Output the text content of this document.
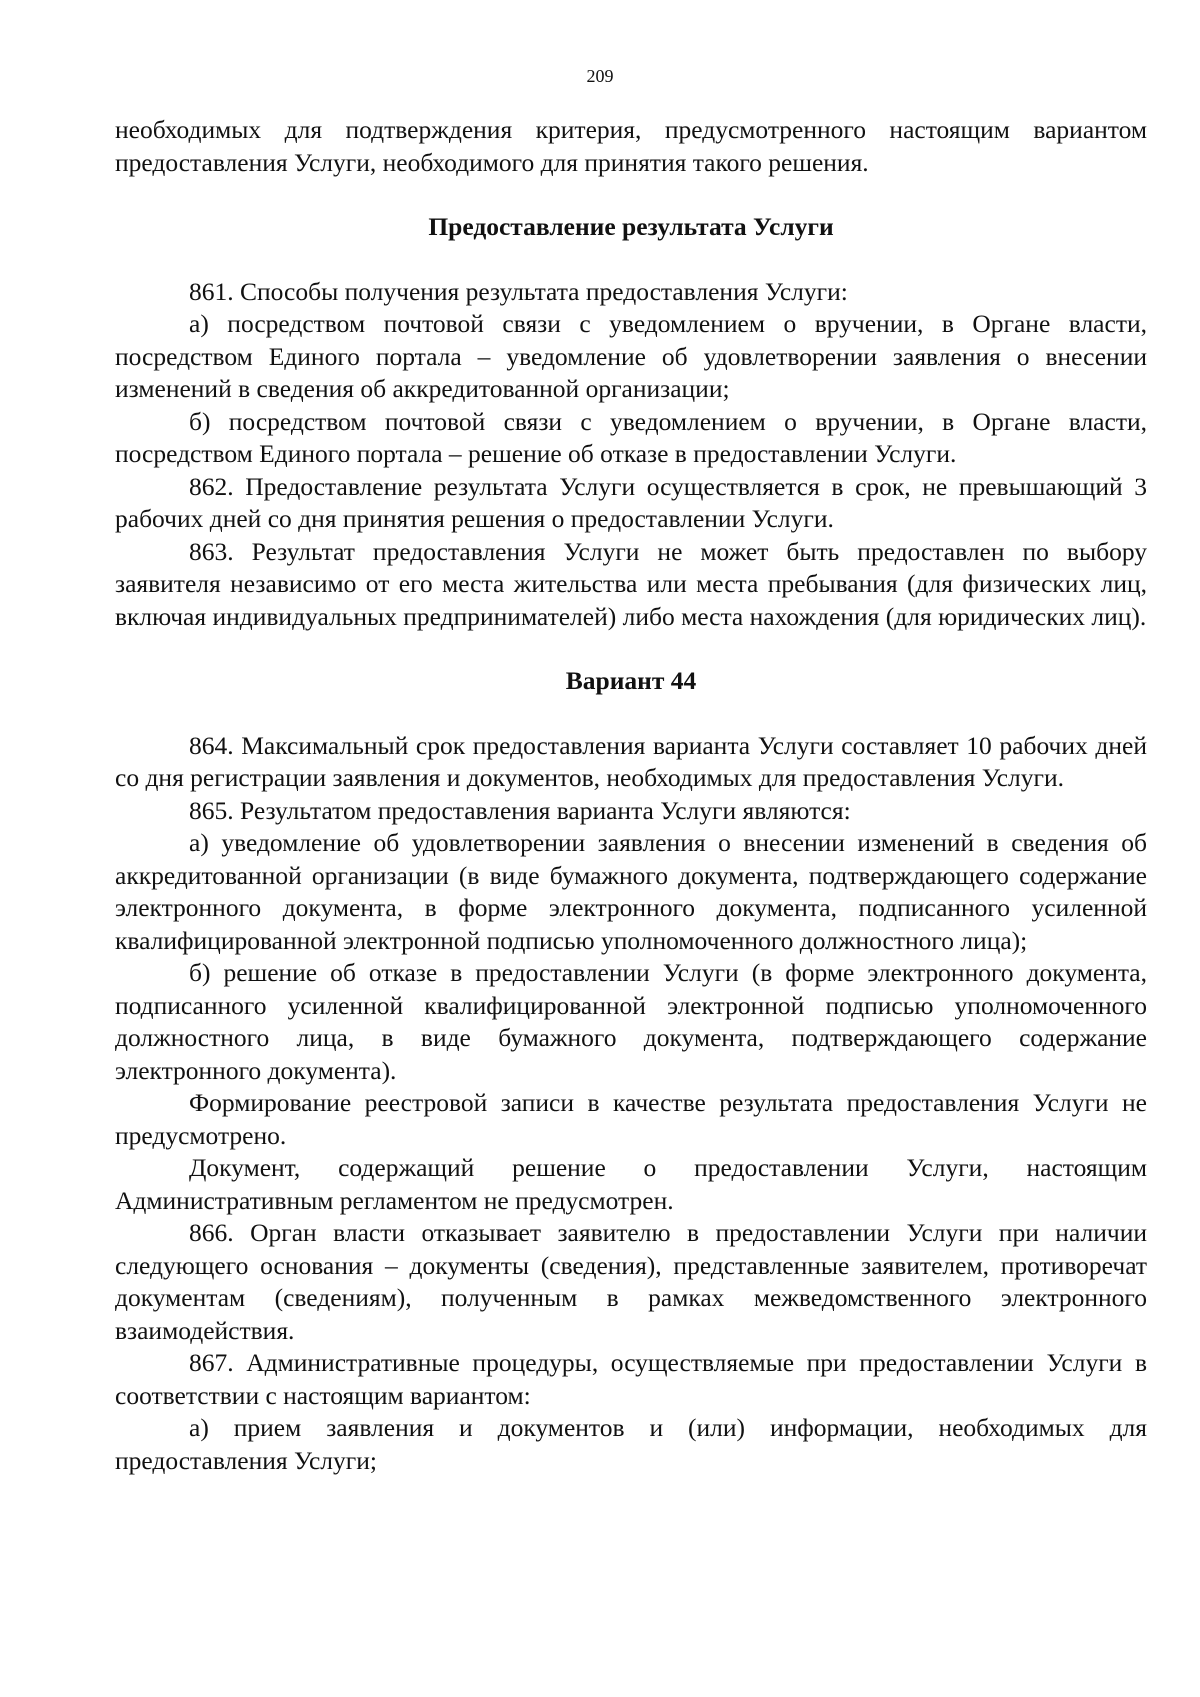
209

необходимых для подтверждения критерия, предусмотренного настоящим вариантом предоставления Услуги, необходимого для принятия такого решения.

Предоставление результата Услуги

861. Способы получения результата предоставления Услуги:

а) посредством почтовой связи с уведомлением о вручении, в Органе власти, посредством Единого портала – уведомление об удовлетворении заявления о внесении изменений в сведения об аккредитованной организации;

б) посредством почтовой связи с уведомлением о вручении, в Органе власти, посредством Единого портала – решение об отказе в предоставлении Услуги.

862. Предоставление результата Услуги осуществляется в срок, не превышающий 3 рабочих дней со дня принятия решения о предоставлении Услуги.

863. Результат предоставления Услуги не может быть предоставлен по выбору заявителя независимо от его места жительства или места пребывания (для физических лиц, включая индивидуальных предпринимателей) либо места нахождения (для юридических лиц).

Вариант 44

864. Максимальный срок предоставления варианта Услуги составляет 10 рабочих дней со дня регистрации заявления и документов, необходимых для предоставления Услуги.

865. Результатом предоставления варианта Услуги являются:

а) уведомление об удовлетворении заявления о внесении изменений в сведения об аккредитованной организации (в виде бумажного документа, подтверждающего содержание электронного документа, в форме электронного документа, подписанного усиленной квалифицированной электронной подписью уполномоченного должностного лица);

б) решение об отказе в предоставлении Услуги (в форме электронного документа, подписанного усиленной квалифицированной электронной подписью уполномоченного должностного лица, в виде бумажного документа, подтверждающего содержание электронного документа).

Формирование реестровой записи в качестве результата предоставления Услуги не предусмотрено.

Документ, содержащий решение о предоставлении Услуги, настоящим Административным регламентом не предусмотрен.

866. Орган власти отказывает заявителю в предоставлении Услуги при наличии следующего основания – документы (сведения), представленные заявителем, противоречат документам (сведениям), полученным в рамках межведомственного электронного взаимодействия.

867. Административные процедуры, осуществляемые при предоставлении Услуги в соответствии с настоящим вариантом:

а) прием заявления и документов и (или) информации, необходимых для предоставления Услуги;
